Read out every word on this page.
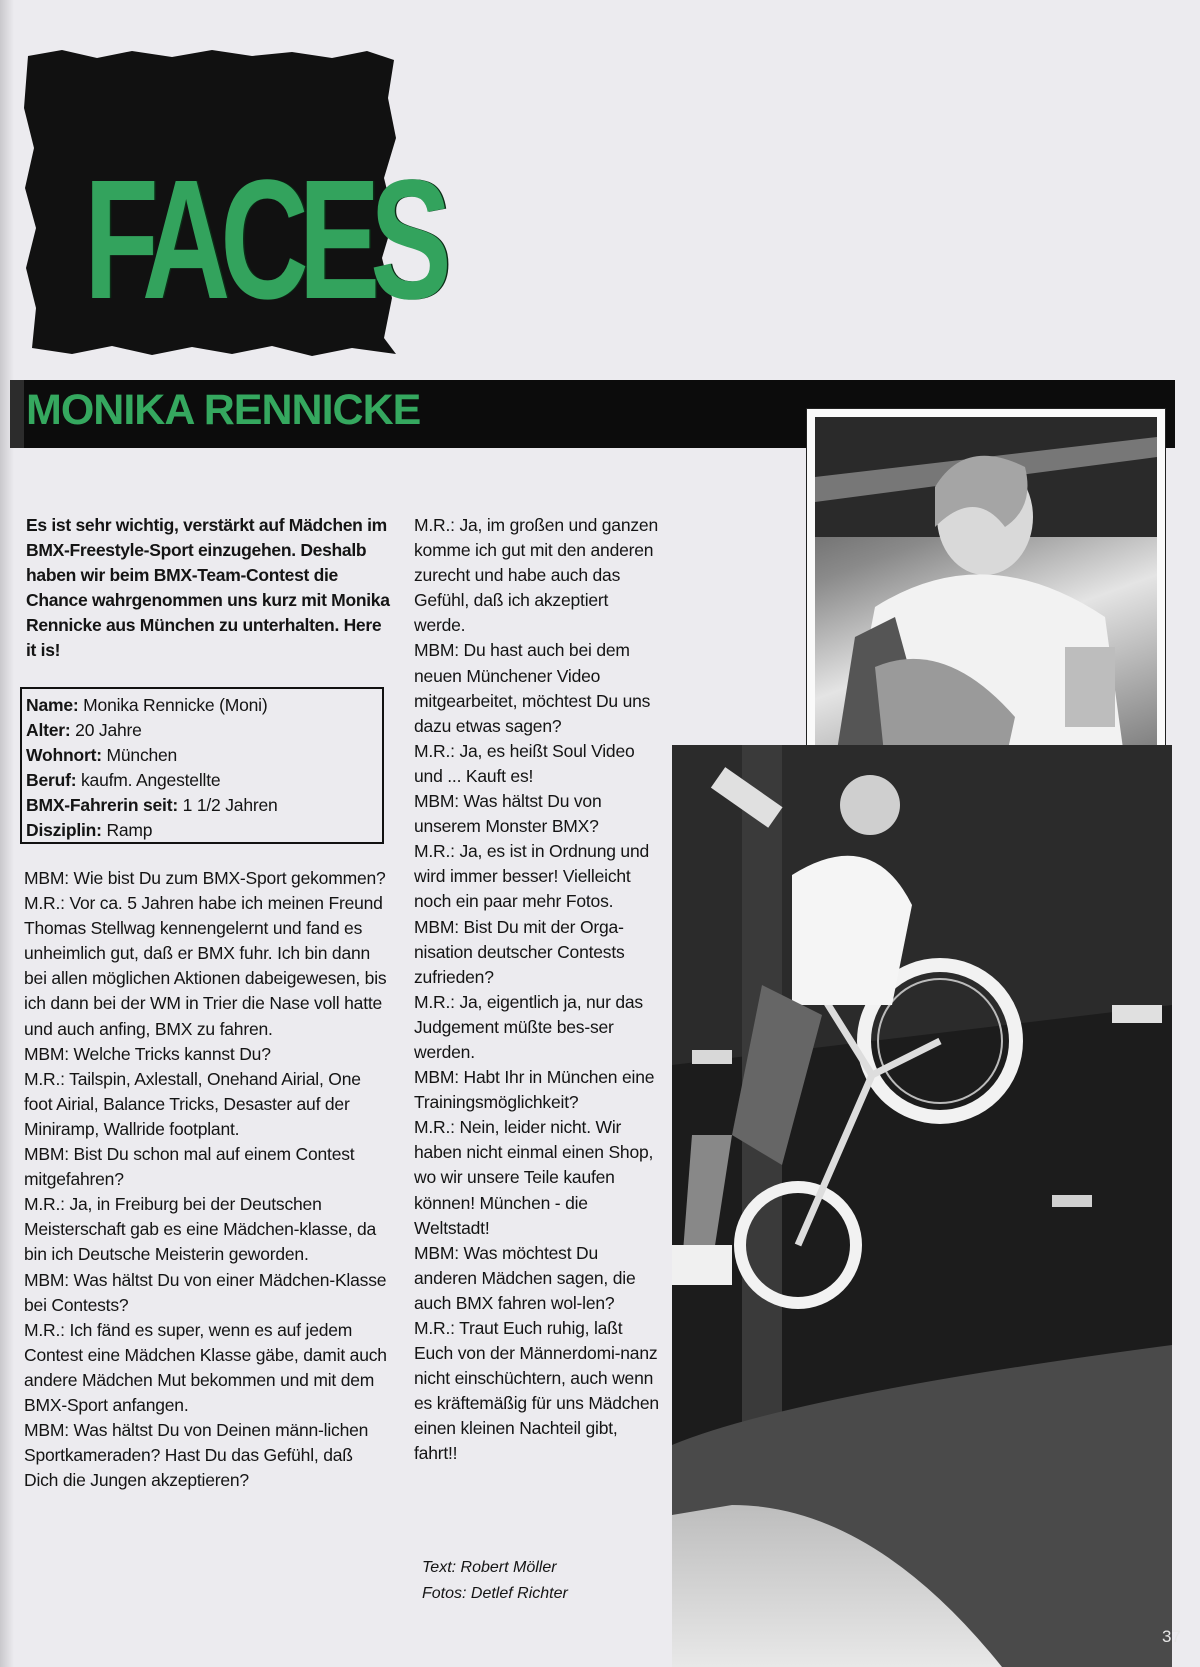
FACES
MONIKA RENNICKE

Es ist sehr wichtig, verstärkt auf Mädchen im BMX-Freestyle-Sport einzugehen. Deshalb haben wir beim BMX-Team-Contest die Chance wahrgenommen uns kurz mit Monika Rennicke aus München zu unterhalten. Here it is!

Name: Monika Rennicke (Moni)
Alter: 20 Jahre
Wohnort: München
Beruf: kaufm. Angestellte
BMX-Fahrerin seit: 1 1/2 Jahren
Disziplin: Ramp

MBM: Wie bist Du zum BMX-Sport gekommen?

M.R.: Vor ca. 5 Jahren habe ich meinen Freund Thomas Stellwag kennengelernt und fand es unheimlich gut, daß er BMX fuhr. Ich bin dann bei allen möglichen Aktionen dabeigewesen, bis ich dann bei der WM in Trier die Nase voll hatte und auch anfing, BMX zu fahren.

MBM: Welche Tricks kannst Du?

M.R.: Tailspin, Axlestall, Onehand Airial, One foot Airial, Balance Tricks, Desaster auf der Miniramp, Wallride footplant.

MBM: Bist Du schon mal auf einem Contest mitgefahren?

M.R.: Ja, in Freiburg bei der Deutschen Meisterschaft gab es eine Mädchen-klasse, da bin ich Deutsche Meisterin geworden.

MBM: Was hältst Du von einer Mädchen-Klasse bei Contests?

M.R.: Ich fänd es super, wenn es auf jedem Contest eine Mädchen Klasse gäbe, damit auch andere Mädchen Mut bekommen und mit dem BMX-Sport anfangen.

MBM: Was hältst Du von Deinen männ-lichen Sportkameraden? Hast Du das Gefühl, daß Dich die Jungen akzeptieren?

M.R.: Ja, im großen und ganzen komme ich gut mit den anderen zurecht und habe auch das Gefühl, daß ich akzeptiert werde.

MBM: Du hast auch bei dem neuen Münchener Video mitgearbeitet, möchtest Du uns dazu etwas sagen?

M.R.: Ja, es heißt Soul Video und ... Kauft es!

MBM: Was hältst Du von unserem Monster BMX?

M.R.: Ja, es ist in Ordnung und wird immer besser! Vielleicht noch ein paar mehr Fotos.

MBM: Bist Du mit der Orga-nisation deutscher Contests zufrieden?

M.R.: Ja, eigentlich ja, nur das Judgement müßte bes-ser werden.

MBM: Habt Ihr in München eine Trainingsmöglichkeit?

M.R.: Nein, leider nicht. Wir haben nicht einmal einen Shop, wo wir unsere Teile kaufen können! München - die Weltstadt!

MBM: Was möchtest Du anderen Mädchen sagen, die auch BMX fahren wol-len?

M.R.: Traut Euch ruhig, laßt Euch von der Männerdomi-nanz nicht einschüchtern, auch wenn es kräftemäßig für uns Mädchen einen kleinen Nachteil gibt, fahrt!!

Text: Robert Möller
Fotos: Detlef Richter
37
